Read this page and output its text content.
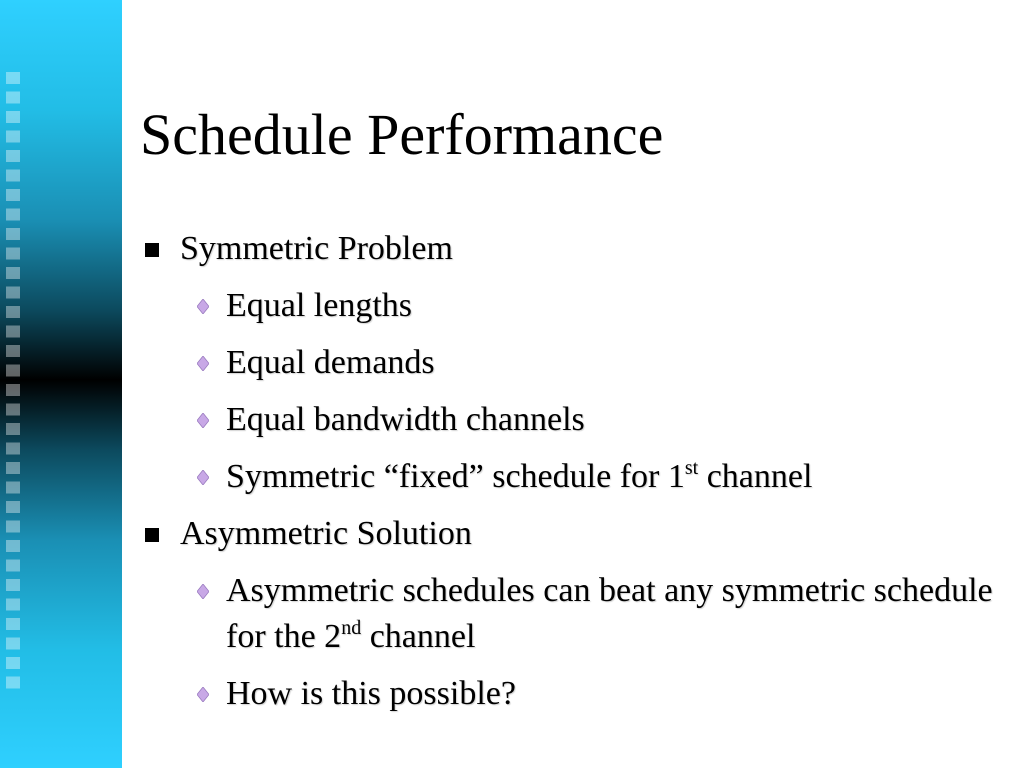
Schedule Performance
Symmetric Problem
Equal lengths
Equal demands
Equal bandwidth channels
Symmetric “fixed” schedule for 1st channel
Asymmetric Solution
Asymmetric schedules can beat any symmetric schedule for the 2nd channel
How is this possible?
